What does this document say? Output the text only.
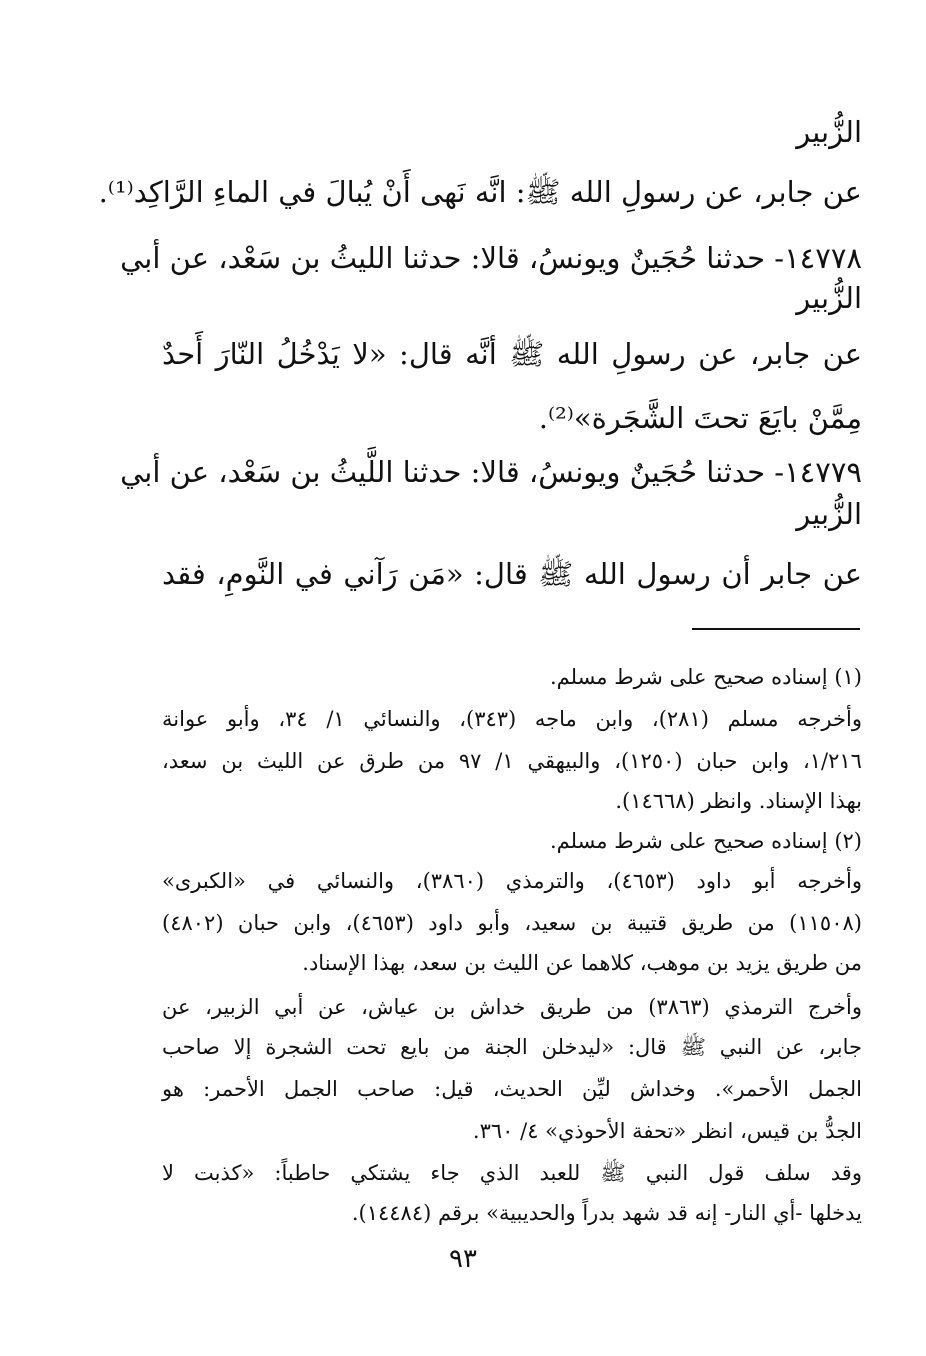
الزُّبير
عن جابر، عن رسولِ الله ﷺ: انَّه نَهى أَنْ يُبالَ في الماءِ الرَّاكِد⁽¹⁾.
١٤٧٧٨- حدثنا حُجَينٌ ويونسُ، قالا: حدثنا الليثُ بن سَعْد، عن أبي
الزُّبير
عن جابر، عن رسولِ الله ﷺ أنَّه قال: «لا يَدْخُلُ النّارَ أَحدٌ
مِمَّنْ بايَعَ تحتَ الشَّجَرة»⁽²⁾.
١٤٧٧٩- حدثنا حُجَينٌ ويونسُ، قالا: حدثنا اللَّيثُ بن سَعْد، عن أبي
الزُّبير
عن جابر أن رسول الله ﷺ قال: «مَن رَآني في النَّومِ، فقد
(١) إسناده صحيح على شرط مسلم.
وأخرجه مسلم (٢٨١)، وابن ماجه (٣٤٣)، والنسائي ١/ ٣٤، وأبو عوانة
١/٢١٦، وابن حبان (١٢٥٠)، والبيهقي ١/ ٩٧ من طرق عن الليث بن سعد،
بهذا الإسناد. وانظر (١٤٦٦٨).
(٢) إسناده صحيح على شرط مسلم.
وأخرجه أبو داود (٤٦٥٣)، والترمذي (٣٨٦٠)، والنسائي في «الكبرى»
(١١٥٠٨) من طريق قتيبة بن سعيد، وأبو داود (٤٦٥٣)، وابن حبان (٤٨٠٢)
من طريق يزيد بن موهب، كلاهما عن الليث بن سعد، بهذا الإسناد.
وأخرج الترمذي (٣٨٦٣) من طريق خداش بن عياش، عن أبي الزبير، عن
جابر، عن النبي ﷺ قال: «ليدخلن الجنة من بايع تحت الشجرة إلا صاحب
الجمل الأحمر». وخداش ليِّن الحديث، قيل: صاحب الجمل الأحمر: هو
الجدُّ بن قيس، انظر «تحفة الأحوذي» ٤/ ٣٦٠.
وقد سلف قول النبي ﷺ للعبد الذي جاء يشتكي حاطباً: «كذبت لا
يدخلها -أي النار- إنه قد شهد بدراً والحديبية» برقم (١٤٤٨٤).
٩٣
